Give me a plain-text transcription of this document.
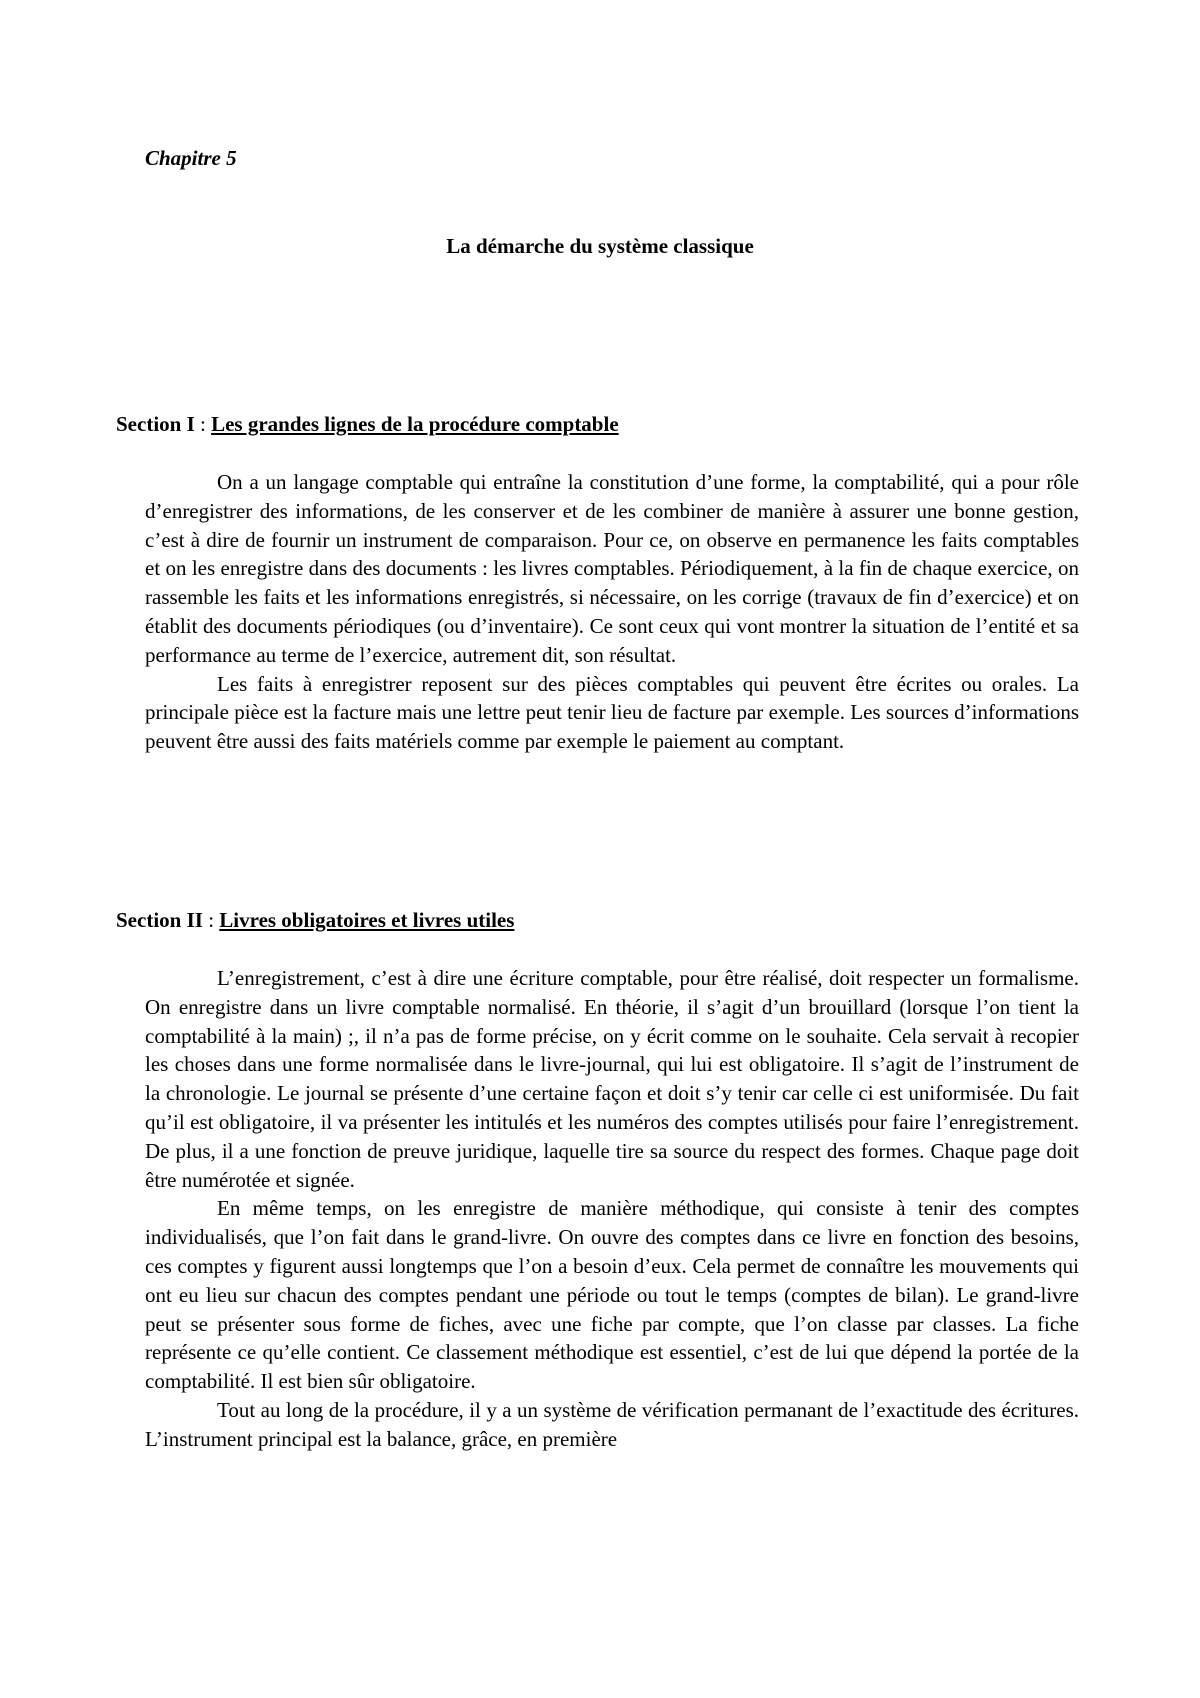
Chapitre 5
La démarche du système classique
Section I : Les grandes lignes de la procédure comptable

On a un langage comptable qui entraîne la constitution d’une forme, la comptabilité, qui a pour rôle d’enregistrer des informations, de les conserver et de les combiner de manière à assurer une bonne gestion, c’est à dire de fournir un instrument de comparaison. Pour ce, on observe en permanence les faits comptables et on les enregistre dans des documents : les livres comptables. Périodiquement, à la fin de chaque exercice, on rassemble les faits et les informations enregistrés, si nécessaire, on les corrige (travaux de fin d’exercice) et on établit des documents périodiques (ou d’inventaire). Ce sont ceux qui vont montrer la situation de l’entité et sa performance au terme de l’exercice, autrement dit, son résultat.

Les faits à enregistrer reposent sur des pièces comptables qui peuvent être écrites ou orales. La principale pièce est la facture mais une lettre peut tenir lieu de facture par exemple. Les sources d’informations peuvent être aussi des faits matériels comme par exemple le paiement au comptant.

Section II : Livres obligatoires et livres utiles

L’enregistrement, c’est à dire une écriture comptable, pour être réalisé, doit respecter un formalisme. On enregistre dans un livre comptable normalisé. En théorie, il s’agit d’un brouillard (lorsque l’on tient la comptabilité à la main) ;, il n’a pas de forme précise, on y écrit comme on le souhaite. Cela servait à recopier les choses dans une forme normalisée dans le livre-journal, qui lui est obligatoire. Il s’agit de l’instrument de la chronologie. Le journal se présente d’une certaine façon et doit s’y tenir car celle ci est uniformisée. Du fait qu’il est obligatoire, il va présenter les intitulés et les numéros des comptes utilisés pour faire l’enregistrement. De plus, il a une fonction de preuve juridique, laquelle tire sa source du respect des formes. Chaque page doit être numérotée et signée.

En même temps, on les enregistre de manière méthodique, qui consiste à tenir des comptes individualisés, que l’on fait dans le grand-livre. On ouvre des comptes dans ce livre en fonction des besoins, ces comptes y figurent aussi longtemps que l’on a besoin d’eux. Cela permet de connaître les mouvements qui ont eu lieu sur chacun des comptes pendant une période ou tout le temps (comptes de bilan). Le grand-livre peut se présenter sous forme de fiches, avec une fiche par compte, que l’on classe par classes. La fiche représente ce qu’elle contient. Ce classement méthodique est essentiel, c’est de lui que dépend la portée de la comptabilité. Il est bien sûr obligatoire.

Tout au long de la procédure, il y a un système de vérification permanant de l’exactitude des écritures. L’instrument principal est la balance, grâce, en première
